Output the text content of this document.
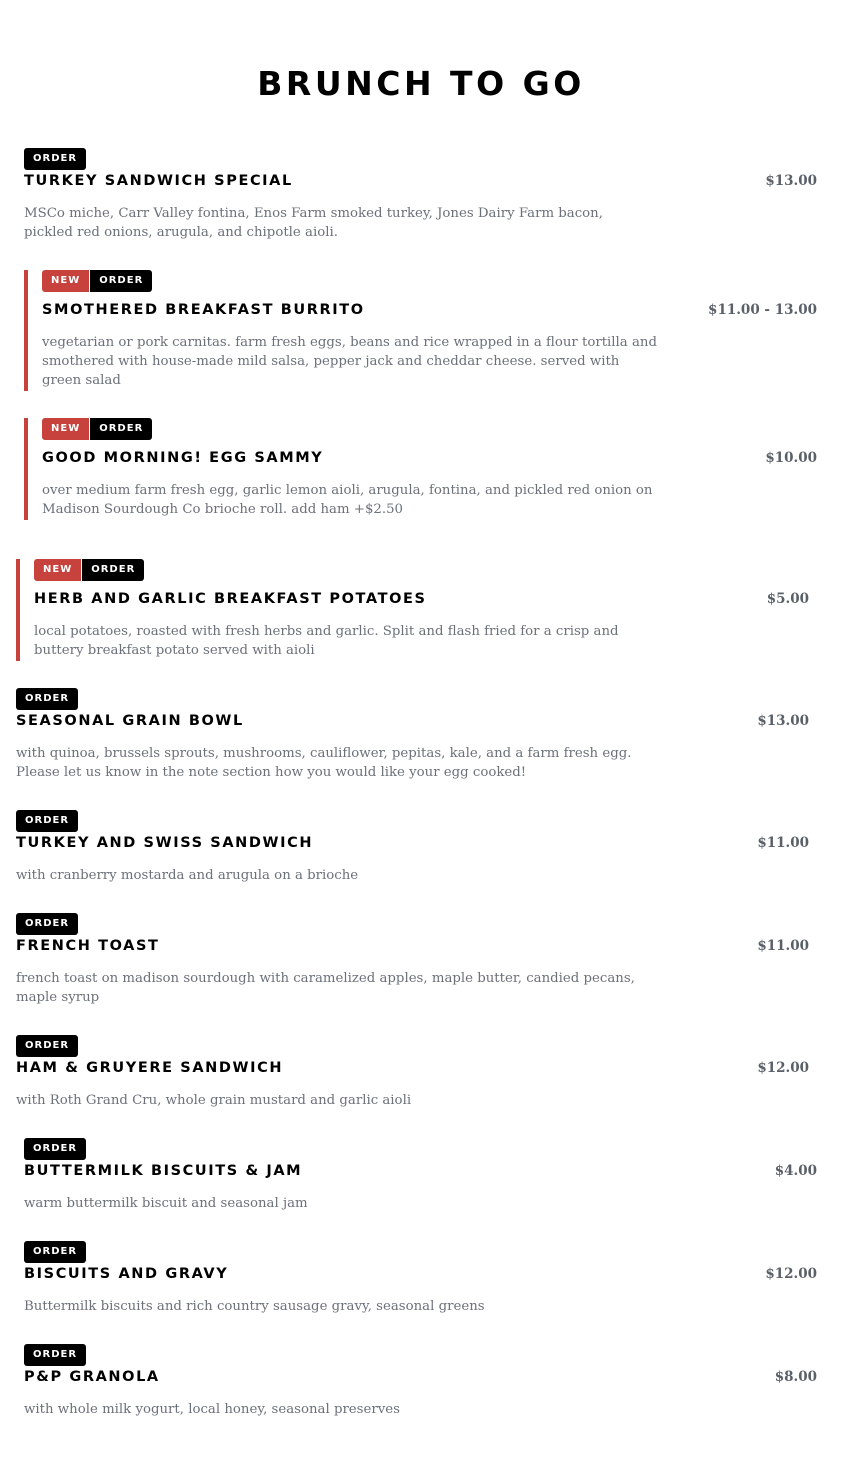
BRUNCH TO GO
ORDER
TURKEY SANDWICH SPECIAL	$13.00
MSCo miche, Carr Valley fontina, Enos Farm smoked turkey, Jones Dairy Farm bacon, pickled red onions, arugula, and chipotle aioli.
NEW	ORDER
SMOTHERED BREAKFAST BURRITO	$11.00 - 13.00
vegetarian or pork carnitas. farm fresh eggs, beans and rice wrapped in a flour tortilla and smothered with house-made mild salsa, pepper jack and cheddar cheese. served with green salad
NEW	ORDER
GOOD MORNING! EGG SAMMY	$10.00
over medium farm fresh egg, garlic lemon aioli, arugula, fontina, and pickled red onion on Madison Sourdough Co brioche roll. add ham +$2.50
NEW	ORDER
HERB AND GARLIC BREAKFAST POTATOES	$5.00
local potatoes, roasted with fresh herbs and garlic. Split and flash fried for a crisp and buttery breakfast potato served with aioli
ORDER
SEASONAL GRAIN BOWL	$13.00
with quinoa, brussels sprouts, mushrooms, cauliflower, pepitas, kale, and a farm fresh egg. Please let us know in the note section how you would like your egg cooked!
ORDER
TURKEY AND SWISS SANDWICH	$11.00
with cranberry mostarda and arugula on a brioche
ORDER
FRENCH TOAST	$11.00
french toast on madison sourdough with caramelized apples, maple butter, candied pecans, maple syrup
ORDER
HAM & GRUYERE SANDWICH	$12.00
with Roth Grand Cru, whole grain mustard and garlic aioli
ORDER
BUTTERMILK BISCUITS & JAM	$4.00
warm buttermilk biscuit and seasonal jam
ORDER
BISCUITS AND GRAVY	$12.00
Buttermilk biscuits and rich country sausage gravy, seasonal greens
ORDER
P&P GRANOLA	$8.00
with whole milk yogurt, local honey, seasonal preserves
